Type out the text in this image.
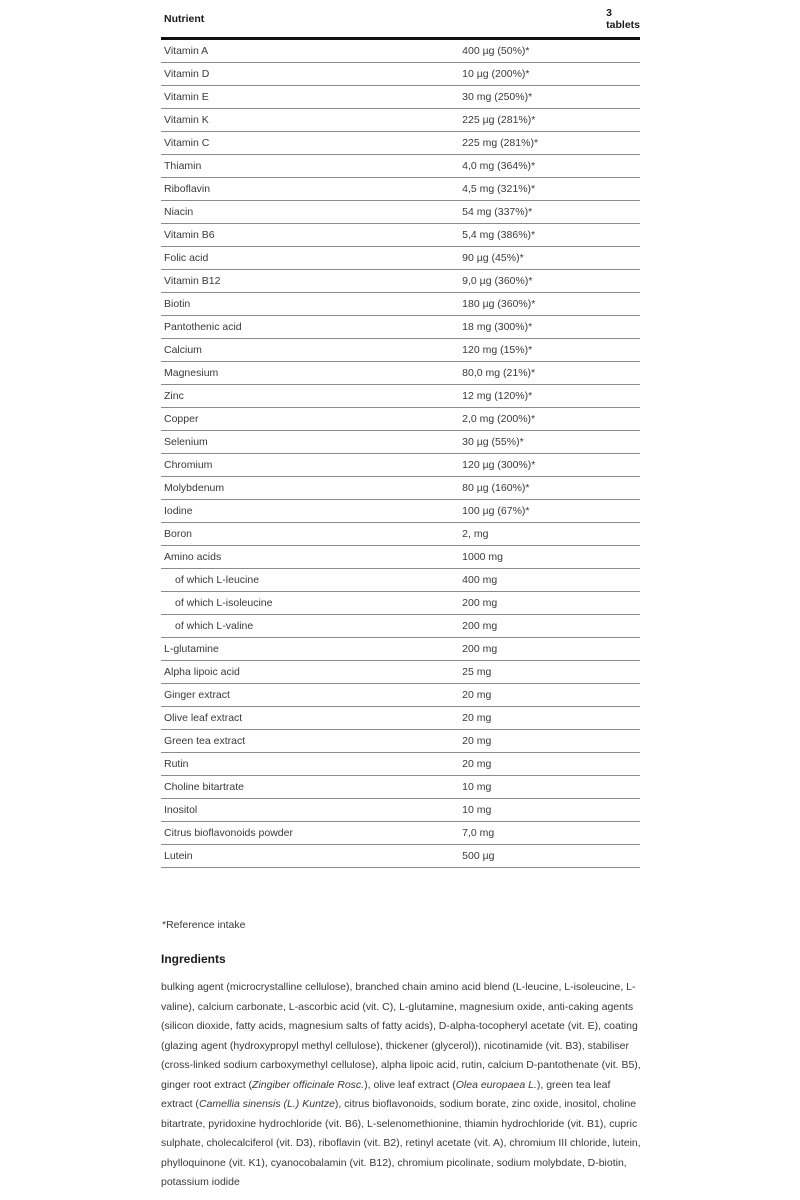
Nutrient	3 tablets
Vitamin A	400 µg (50%)*
Vitamin D	10 µg (200%)*
Vitamin E	30 mg (250%)*
Vitamin K	225 µg (281%)*
Vitamin C	225 mg (281%)*
Thiamin	4,0 mg (364%)*
Riboflavin	4,5 mg (321%)*
Niacin	54 mg (337%)*
Vitamin B6	5,4 mg (386%)*
Folic acid	90 µg (45%)*
Vitamin B12	9,0 µg (360%)*
Biotin	180 µg (360%)*
Pantothenic acid	18 mg (300%)*
Calcium	120 mg (15%)*
Magnesium	80,0 mg (21%)*
Zinc	12 mg (120%)*
Copper	2,0 mg (200%)*
Selenium	30 µg (55%)*
Chromium	120 µg (300%)*
Molybdenum	80 µg (160%)*
Iodine	100 µg (67%)*
Boron	2, mg
Amino acids	1000 mg
of which L-leucine	400 mg
of which L-isoleucine	200 mg
of which L-valine	200 mg
L-glutamine	200 mg
Alpha lipoic acid	25 mg
Ginger extract	20 mg
Olive leaf extract	20 mg
Green tea extract	20 mg
Rutin	20 mg
Choline bitartrate	10 mg
Inositol	10 mg
Citrus bioflavonoids powder	7,0 mg
Lutein	500 µg
*Reference intake
Ingredients
bulking agent (microcrystalline cellulose), branched chain amino acid blend (L-leucine, L-isoleucine, L-valine), calcium carbonate, L-ascorbic acid (vit. C), L-glutamine, magnesium oxide, anti-caking agents (silicon dioxide, fatty acids, magnesium salts of fatty acids), D-alpha-tocopheryl acetate (vit. E), coating (glazing agent (hydroxypropyl methyl cellulose), thickener (glycerol)), nicotinamide (vit. B3), stabiliser (cross-linked sodium carboxymethyl cellulose), alpha lipoic acid, rutin, calcium D-pantothenate (vit. B5), ginger root extract (Zingiber officinale Rosc.), olive leaf extract (Olea europaea L.), green tea leaf extract (Camellia sinensis (L.) Kuntze), citrus bioflavonoids, sodium borate, zinc oxide, inositol, choline bitartrate, pyridoxine hydrochloride (vit. B6), L-selenomethionine, thiamin hydrochloride (vit. B1), cupric sulphate, cholecalciferol (vit. D3), riboflavin (vit. B2), retinyl acetate (vit. A), chromium III chloride, lutein, phylloquinone (vit. K1), cyanocobalamin (vit. B12), chromium picolinate, sodium molybdate, D-biotin, potassium iodide
